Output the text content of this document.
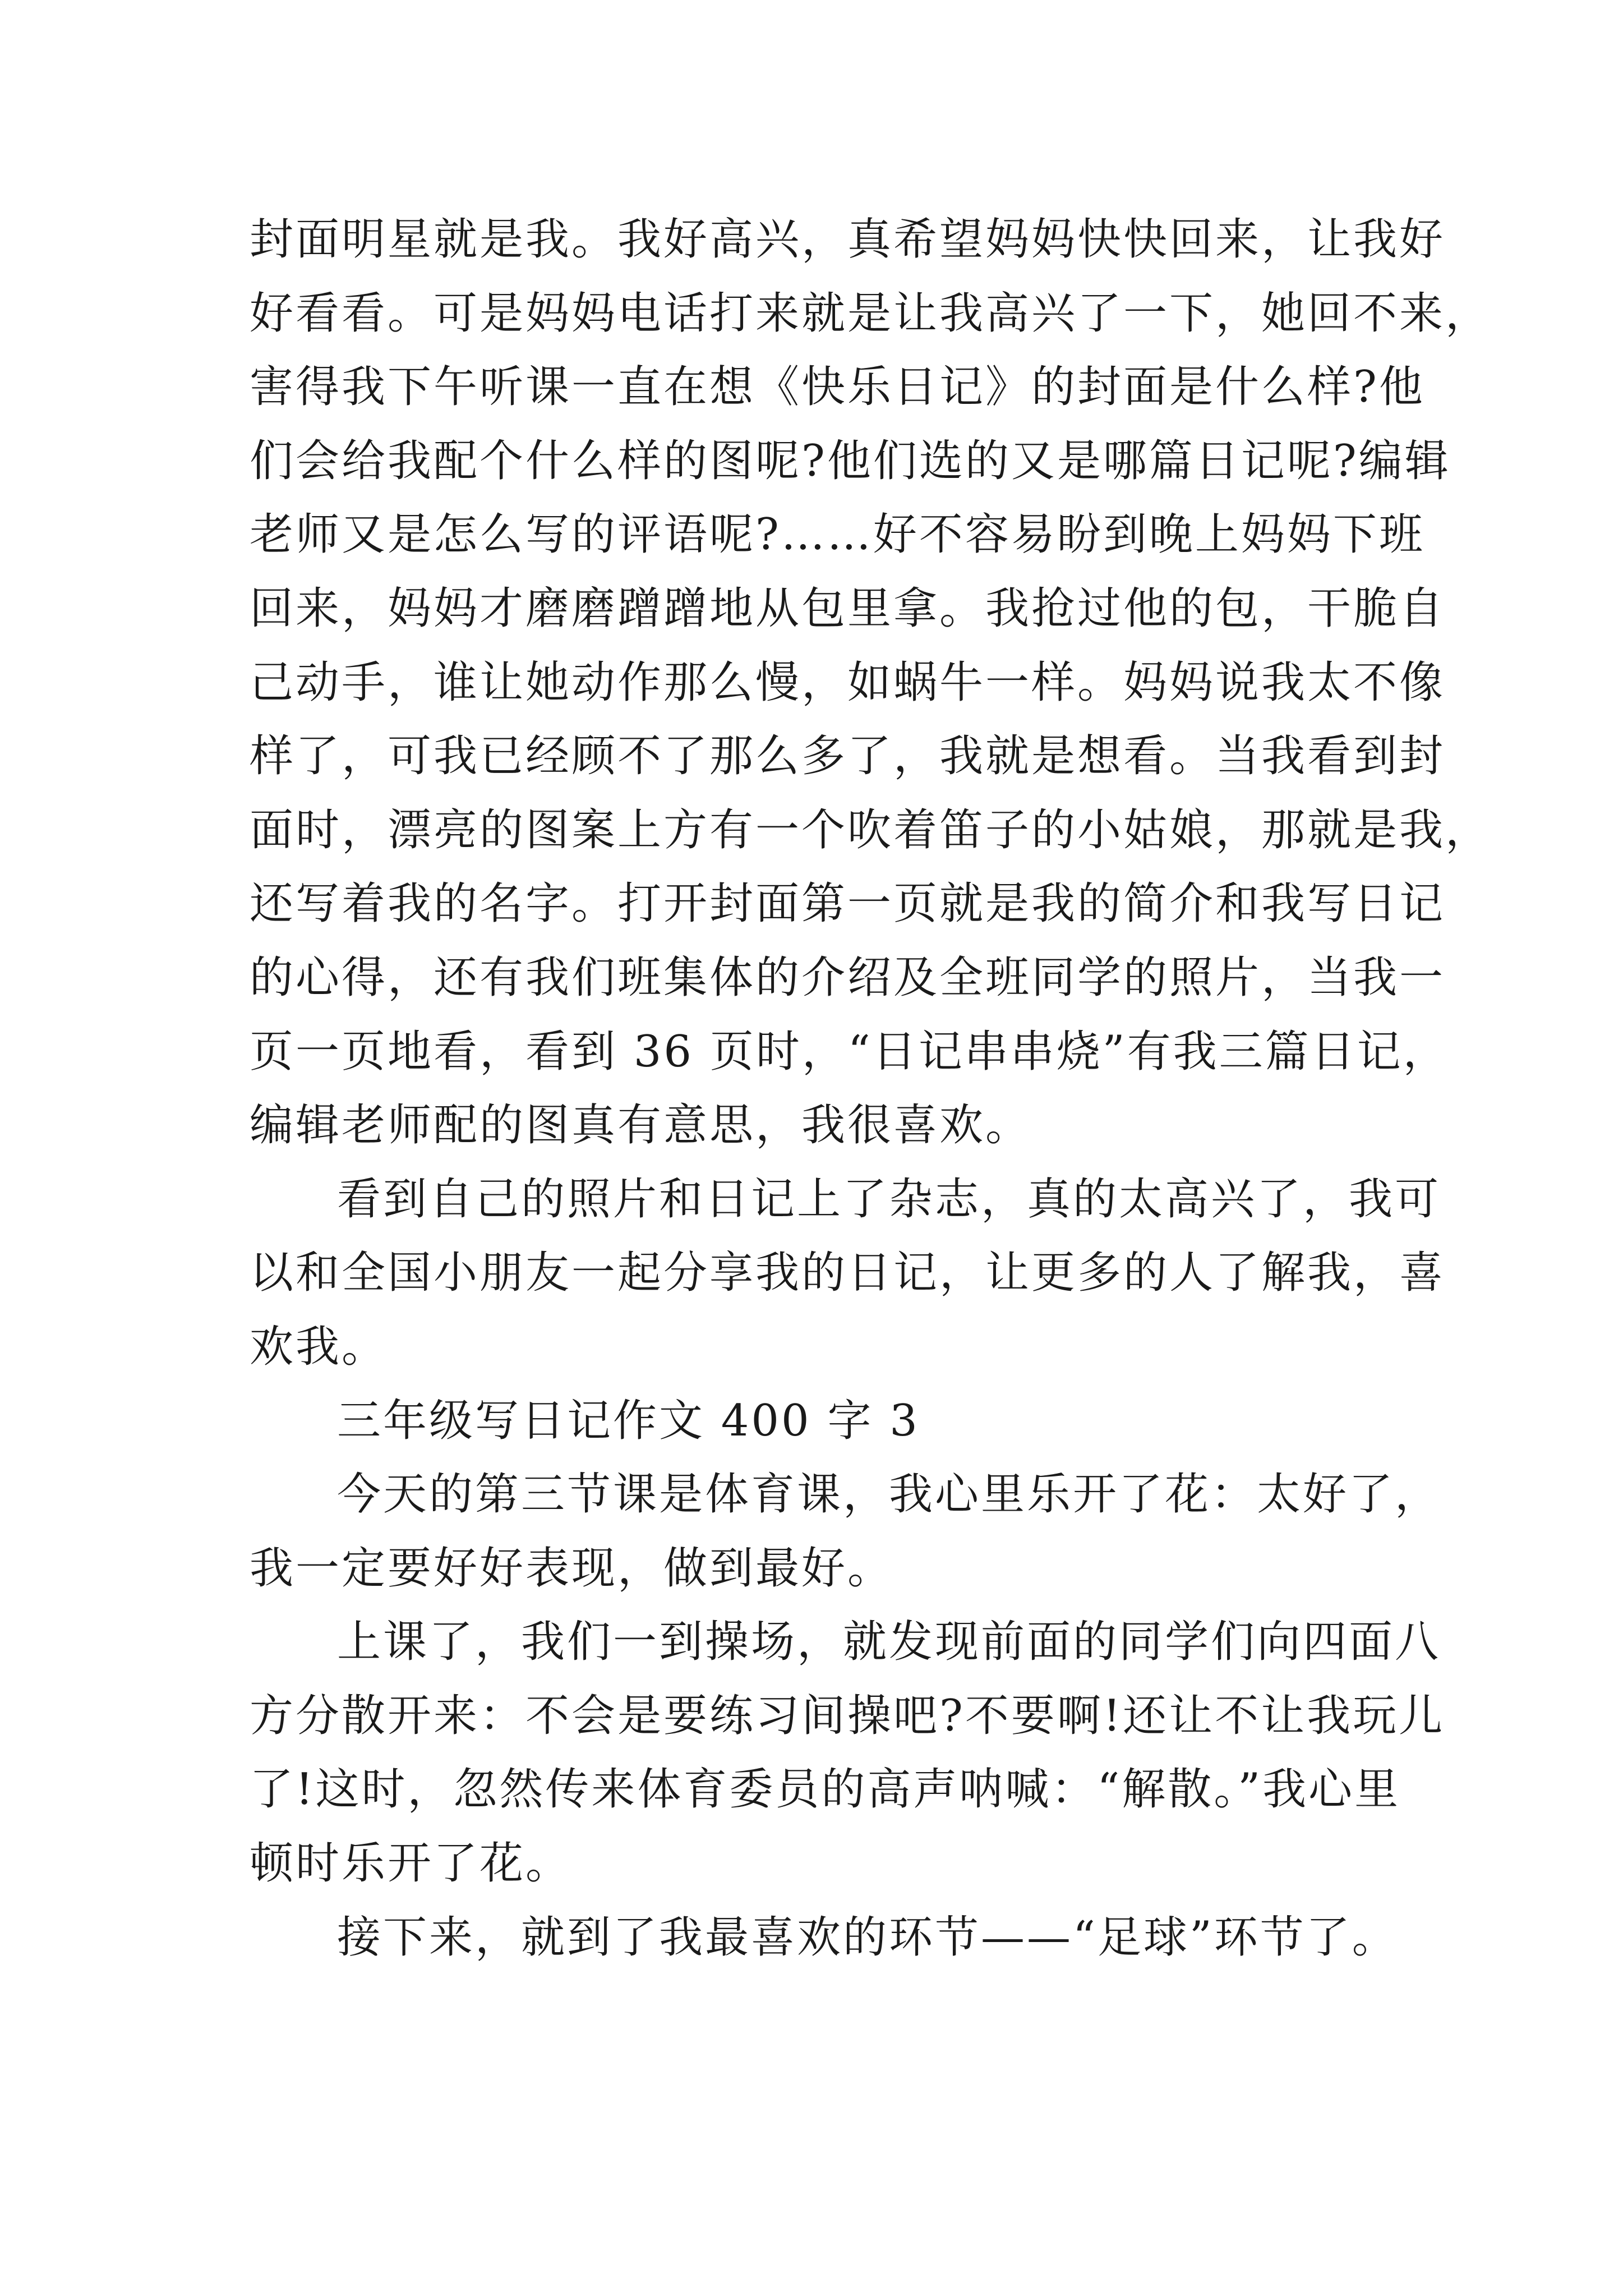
封面明星就是我。我好高兴，真希望妈妈快快回来，让我好
好看看。可是妈妈电话打来就是让我高兴了一下，她回不来，
害得我下午听课一直在想《快乐日记》的封面是什么样?他
们会给我配个什么样的图呢?他们选的又是哪篇日记呢?编辑
老师又是怎么写的评语呢?……好不容易盼到晚上妈妈下班
回来，妈妈才磨磨蹭蹭地从包里拿。我抢过他的包，干脆自
己动手，谁让她动作那么慢，如蜗牛一样。妈妈说我太不像
样了，可我已经顾不了那么多了，我就是想看。当我看到封
面时，漂亮的图案上方有一个吹着笛子的小姑娘，那就是我，
还写着我的名字。打开封面第一页就是我的简介和我写日记
的心得，还有我们班集体的介绍及全班同学的照片，当我一
页一页地看，看到 36 页时，“日记串串烧”有我三篇日记，
编辑老师配的图真有意思，我很喜欢。
看到自己的照片和日记上了杂志，真的太高兴了，我可
以和全国小朋友一起分享我的日记，让更多的人了解我，喜
欢我。
三年级写日记作文 400 字 3
今天的第三节课是体育课，我心里乐开了花：太好了，
我一定要好好表现，做到最好。
上课了，我们一到操场，就发现前面的同学们向四面八
方分散开来：不会是要练习间操吧?不要啊!还让不让我玩儿
了!这时，忽然传来体育委员的高声呐喊：“解散。”我心里
顿时乐开了花。
接下来，就到了我最喜欢的环节——“足球”环节了。
